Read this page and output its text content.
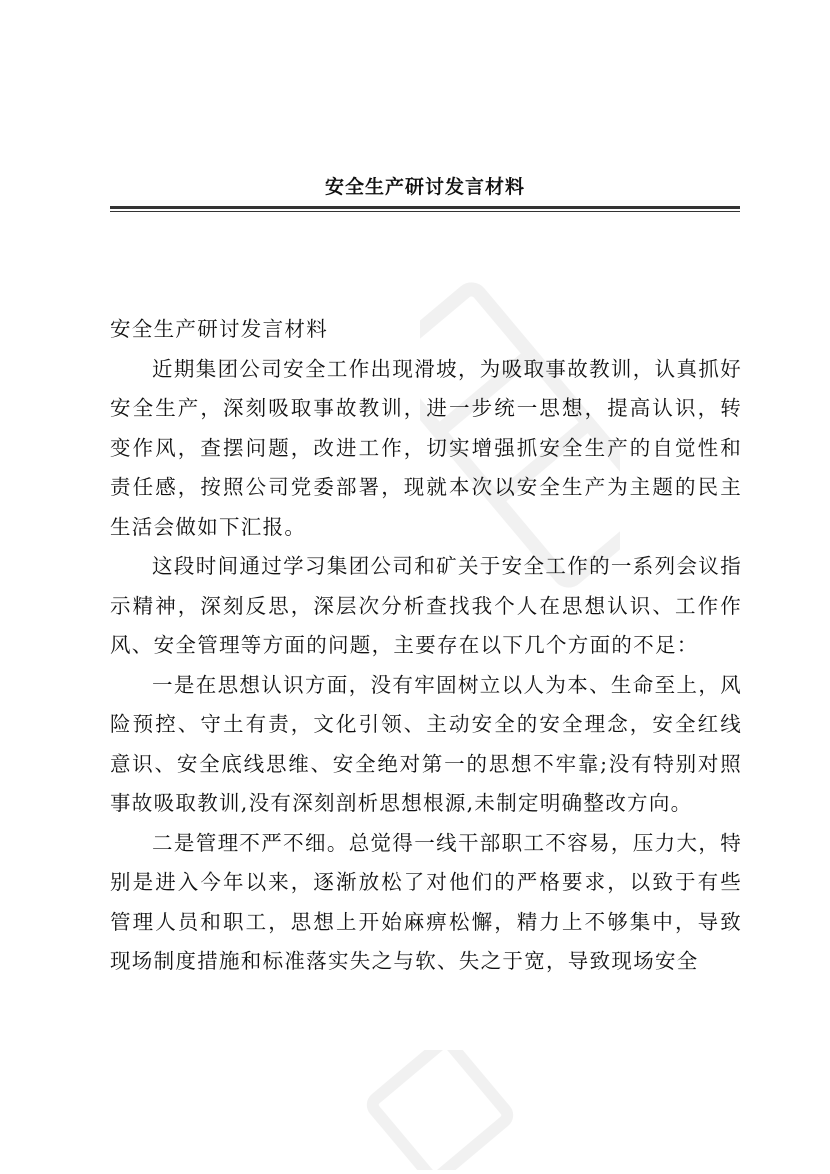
安全生产研讨发言材料

安全生产研讨发言材料

近期集团公司安全工作出现滑坡，为吸取事故教训，认真抓好安全生产，深刻吸取事故教训，进一步统一思想，提高认识，转变作风，查摆问题，改进工作，切实增强抓安全生产的自觉性和责任感，按照公司党委部署，现就本次以安全生产为主题的民主生活会做如下汇报。

这段时间通过学习集团公司和矿关于安全工作的一系列会议指示精神，深刻反思，深层次分析查找我个人在思想认识、工作作风、安全管理等方面的问题，主要存在以下几个方面的不足：

一是在思想认识方面，没有牢固树立以人为本、生命至上，风险预控、守土有责，文化引领、主动安全的安全理念，安全红线意识、安全底线思维、安全绝对第一的思想不牢靠;没有特别对照事故吸取教训,没有深刻剖析思想根源,未制定明确整改方向。

二是管理不严不细。总觉得一线干部职工不容易，压力大，特别是进入今年以来，逐渐放松了对他们的严格要求，以致于有些管理人员和职工，思想上开始麻痹松懈，精力上不够集中，导致现场制度措施和标准落实失之与软、失之于宽，导致现场安全
